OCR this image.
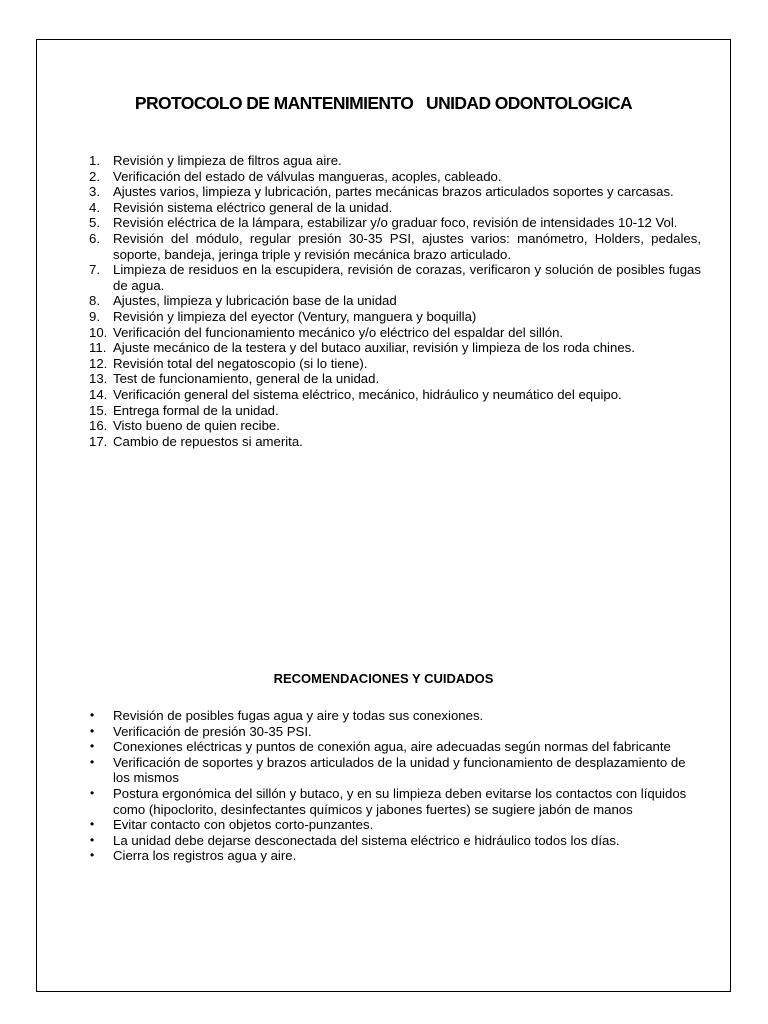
PROTOCOLO DE MANTENIMIENTO   UNIDAD ODONTOLOGICA
1. Revisión y limpieza de filtros agua aire.
2. Verificación del estado de válvulas mangueras, acoples, cableado.
3. Ajustes varios, limpieza y lubricación, partes mecánicas brazos articulados soportes y carcasas.
4. Revisión sistema eléctrico general de la unidad.
5. Revisión eléctrica de la lámpara, estabilizar y/o graduar foco, revisión de intensidades 10-12 Vol.
6. Revisión del módulo, regular presión 30-35 PSI, ajustes varios: manómetro, Holders, pedales, soporte, bandeja, jeringa triple y revisión mecánica brazo articulado.
7. Limpieza de residuos en la escupidera, revisión de corazas, verificaron y solución de posibles fugas de agua.
8. Ajustes, limpieza y lubricación base de la unidad
9. Revisión y limpieza del eyector (Ventury, manguera y boquilla)
10. Verificación del funcionamiento mecánico y/o eléctrico del espaldar del sillón.
11. Ajuste mecánico de la testera y del butaco auxiliar, revisión y limpieza de los roda chines.
12. Revisión total del negatoscopio (si lo tiene).
13. Test de funcionamiento, general de la unidad.
14. Verificación general del sistema eléctrico, mecánico, hidráulico y neumático del equipo.
15. Entrega formal de la unidad.
16. Visto bueno de quien recibe.
17. Cambio de repuestos si amerita.
RECOMENDACIONES Y CUIDADOS
• Revisión de posibles fugas agua y aire y todas sus conexiones.
• Verificación de presión 30-35 PSI.
• Conexiones eléctricas y puntos de conexión agua, aire adecuadas según normas del fabricante
• Verificación de soportes y brazos articulados de la unidad y funcionamiento de desplazamiento de los mismos
• Postura ergonómica del sillón y butaco, y en su limpieza deben evitarse los contactos con líquidos como (hipoclorito, desinfectantes químicos y jabones fuertes) se sugiere jabón de manos
• Evitar contacto con objetos corto-punzantes.
• La unidad debe dejarse desconectada del sistema eléctrico e hidráulico todos los días.
• Cierra los registros agua y aire.
